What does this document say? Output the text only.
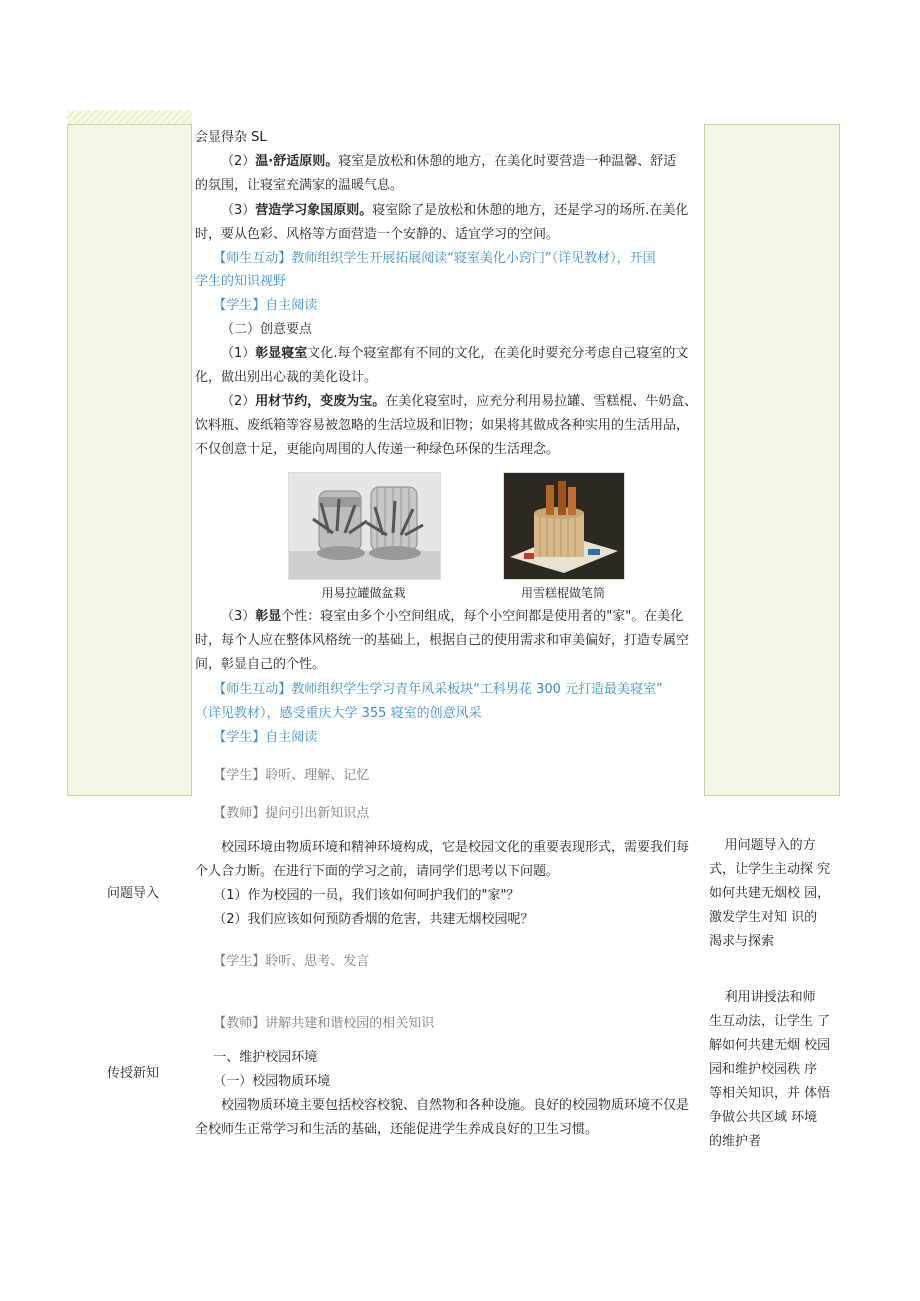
会显得杂 SL
（2）温·舒适原则。寝室是放松和休憩的地方，在美化时要营造一种温馨、舒适
的氛围，让寝室充满家的温暖气息。
（3）营造学习象国原则。寝室除了是放松和休憩的地方，还是学习的场所.在美化
时，要从色彩、风格等方面营造一个安静的、适宜学习的空间。
【师生互动】教师组织学生开展拓展阅读“寝室美化小窍门”（详见教材），开国
学生的知识视野
【学生】自主阅读
（二）创意要点
（1）彰显寝室文化.每个寝室都有不同的文化，在美化时要充分考虑自己寝室的文
化，做出别出心裁的美化设计。
（2）用材节约，变废为宝。在美化寝室时，应充分利用易拉罐、雪糕棍、牛奶盒、
饮料瓶、废纸箱等容易被忽略的生活垃圾和旧物；如果将其做成各种实用的生活用品，
不仅创意十足，更能向周围的人传递一种绿色环保的生活理念。
用易拉罐做盆栽	用雪糕棍做笔筒
（3）彰显个性：寝室由多个小空间组成，每个小空间都是使用者的"家"。在美化
时，每个人应在整体风格统一的基础上，根据自己的使用需求和审美偏好，打造专属空
间，彰显自己的个性。
【师生互动】教师组织学生学习青年风采板块“工科男花 300 元打造最美寝室”
（详见教材），感受重庆大学 355 寝室的创意风采
【学生】自主阅读
【学生】聆听、理解、记忆
【教师】提问引出新知识点
校园环境由物质环境和精神环境构成，它是校园文化的重要表现形式，需要我们每
个人合力断。在进行下面的学习之前，请同学们思考以下问题。
问题导入	（1）作为校园的一员，我们该如何呵护我们的"家"？
（2）我们应该如何预防香烟的危害，共建无烟校园呢？
【学生】聆听、思考、发言
用问题导入的方
式，让学生主动探 究
如何共建无烟校 园，
激发学生对知 识的
渴求与探索
【教师】讲解共建和谐校园的相关知识
一、维护校园环境
传授新知
（一）校园物质环境
校园物质环境主要包括校容校貌、自然物和各种设施。良好的校园物质环境不仅是
全校师生正常学习和生活的基础，还能促进学生养成良好的卫生习惯。
利用讲授法和师
生互动法，让学生 了
解如何共建无烟 校园
园和维护校园秩 序
等相关知识，并 体悟
争做公共区域 环境
的维护者
